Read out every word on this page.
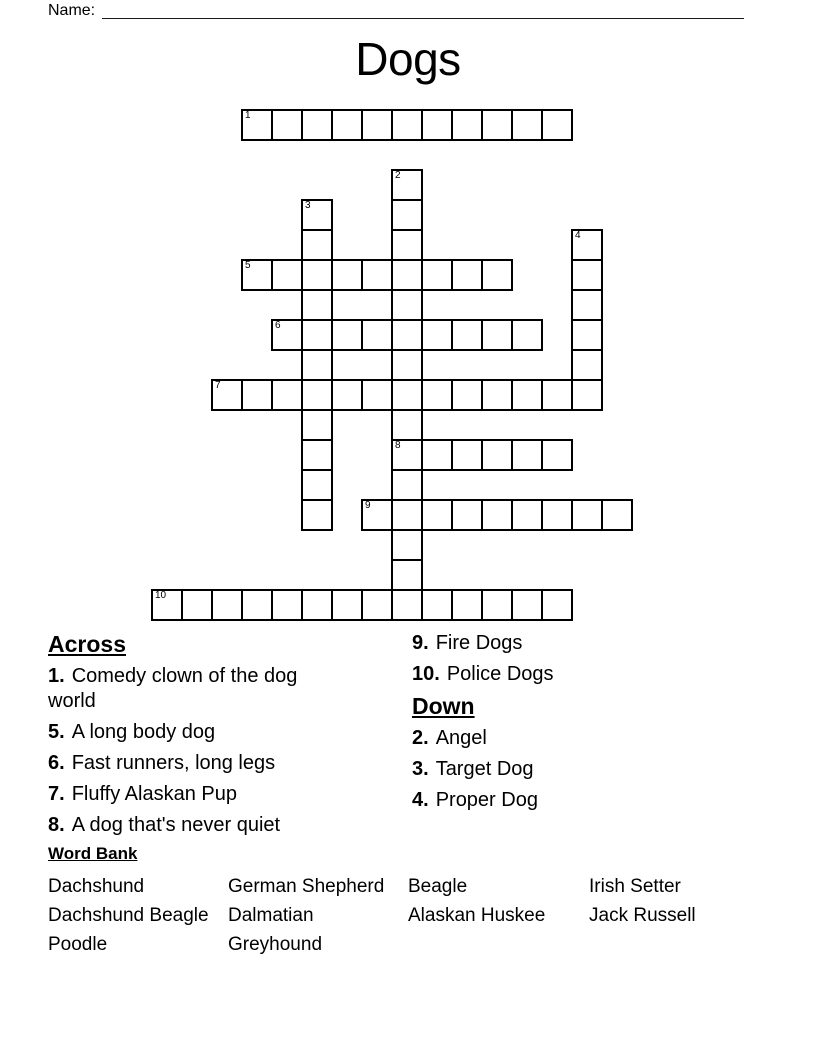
Name:
Dogs
1
2
8
3
4
5
6
7
9
10
Across
1. Comedy clown of the dog world
5. A long body dog
6. Fast runners, long legs
7. Fluffy Alaskan Pup
8. A dog that's never quiet
9. Fire Dogs
10. Police Dogs
Down
2. Angel
3. Target Dog
4. Proper Dog
Word Bank
Dachshund	German Shepherd	Beagle	Irish Setter
Dachshund Beagle	Dalmatian	Alaskan Huskee	Jack Russell
Poodle	Greyhound
